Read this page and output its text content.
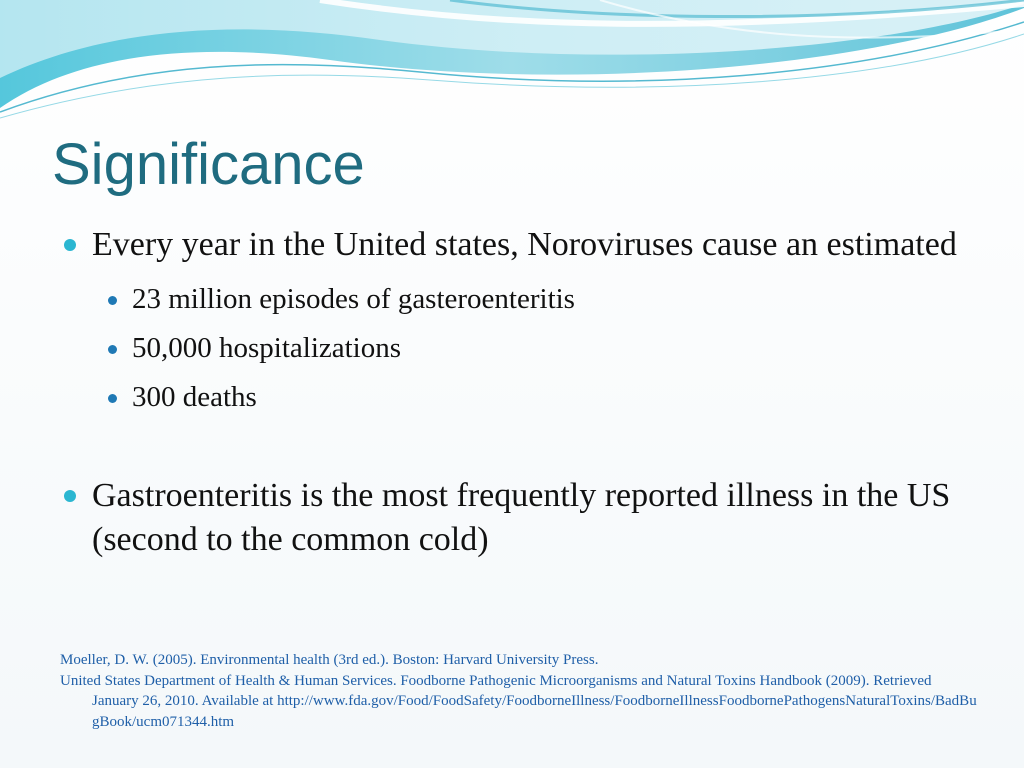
Significance
Every year in the United states, Noroviruses cause an estimated
23 million episodes of gasteroenteritis
50,000 hospitalizations
300 deaths
Gastroenteritis is the most frequently reported illness in the US (second to the common cold)

Moeller, D. W. (2005). Environmental health (3rd ed.). Boston: Harvard University Press.

United States Department of Health & Human Services. Foodborne Pathogenic Microorganisms and Natural Toxins Handbook (2009). Retrieved January 26, 2010. Available at http://www.fda.gov/Food/FoodSafety/FoodborneIllness/FoodborneIllnessFoodbornePathogensNaturalToxins/BadBugBook/ucm071344.htm
